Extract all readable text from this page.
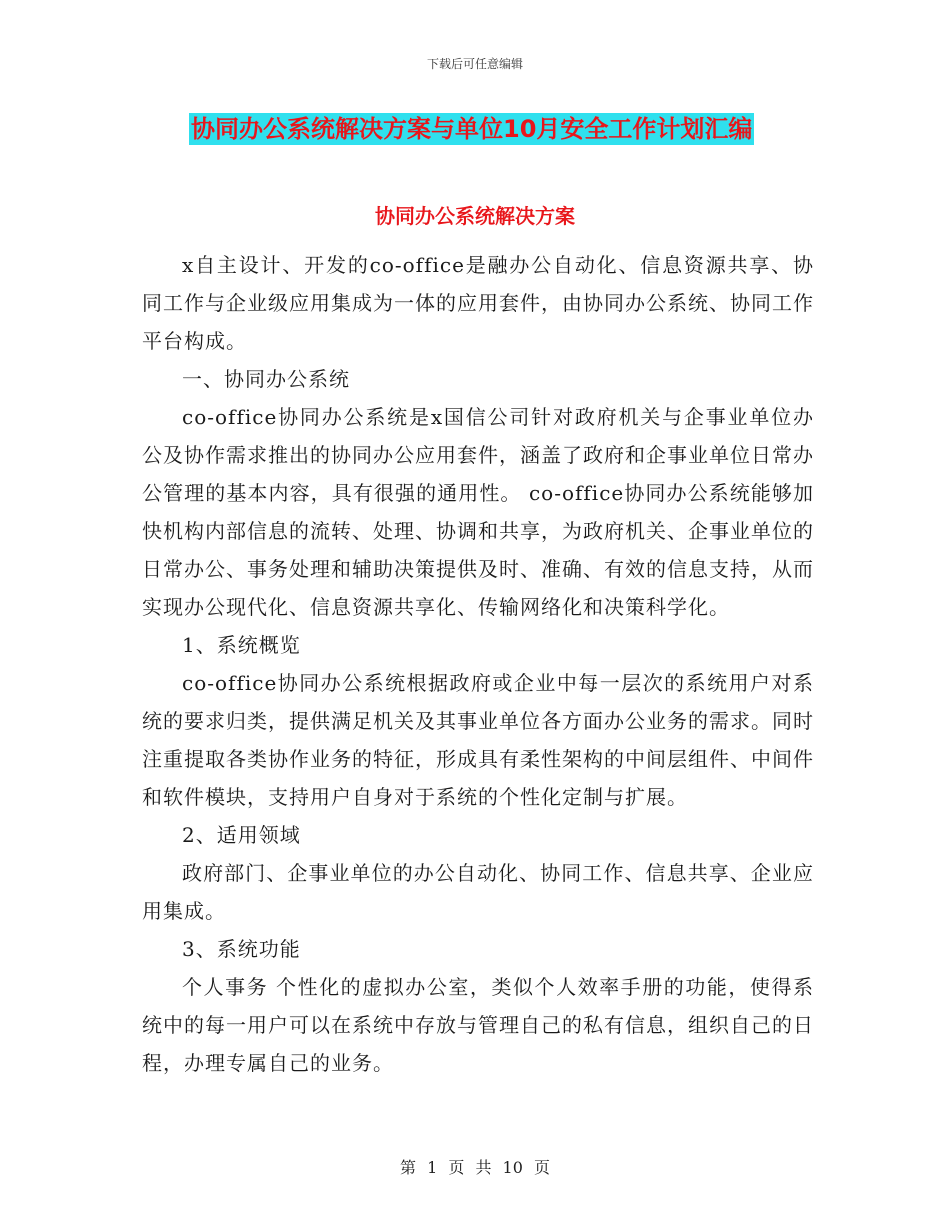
下载后可任意编辑
协同办公系统解决方案与单位10月安全工作计划汇编
协同办公系统解决方案

x自主设计、开发的co-office是融办公自动化、信息资源共享、协同工作与企业级应用集成为一体的应用套件，由协同办公系统、协同工作平台构成。

一、协同办公系统

co-office协同办公系统是x国信公司针对政府机关与企事业单位办公及协作需求推出的协同办公应用套件，涵盖了政府和企事业单位日常办公管理的基本内容，具有很强的通用性。 co-office协同办公系统能够加快机构内部信息的流转、处理、协调和共享，为政府机关、企事业单位的日常办公、事务处理和辅助决策提供及时、准确、有效的信息支持，从而实现办公现代化、信息资源共享化、传输网络化和决策科学化。

1、系统概览

co-office协同办公系统根据政府或企业中每一层次的系统用户对系统的要求归类，提供满足机关及其事业单位各方面办公业务的需求。同时注重提取各类协作业务的特征，形成具有柔性架构的中间层组件、中间件和软件模块，支持用户自身对于系统的个性化定制与扩展。

2、适用领域

政府部门、企事业单位的办公自动化、协同工作、信息共享、企业应用集成。

3、系统功能

个人事务 个性化的虚拟办公室，类似个人效率手册的功能，使得系统中的每一用户可以在系统中存放与管理自己的私有信息，组织自己的日程，办理专属自己的业务。

第 1 页 共 10 页
